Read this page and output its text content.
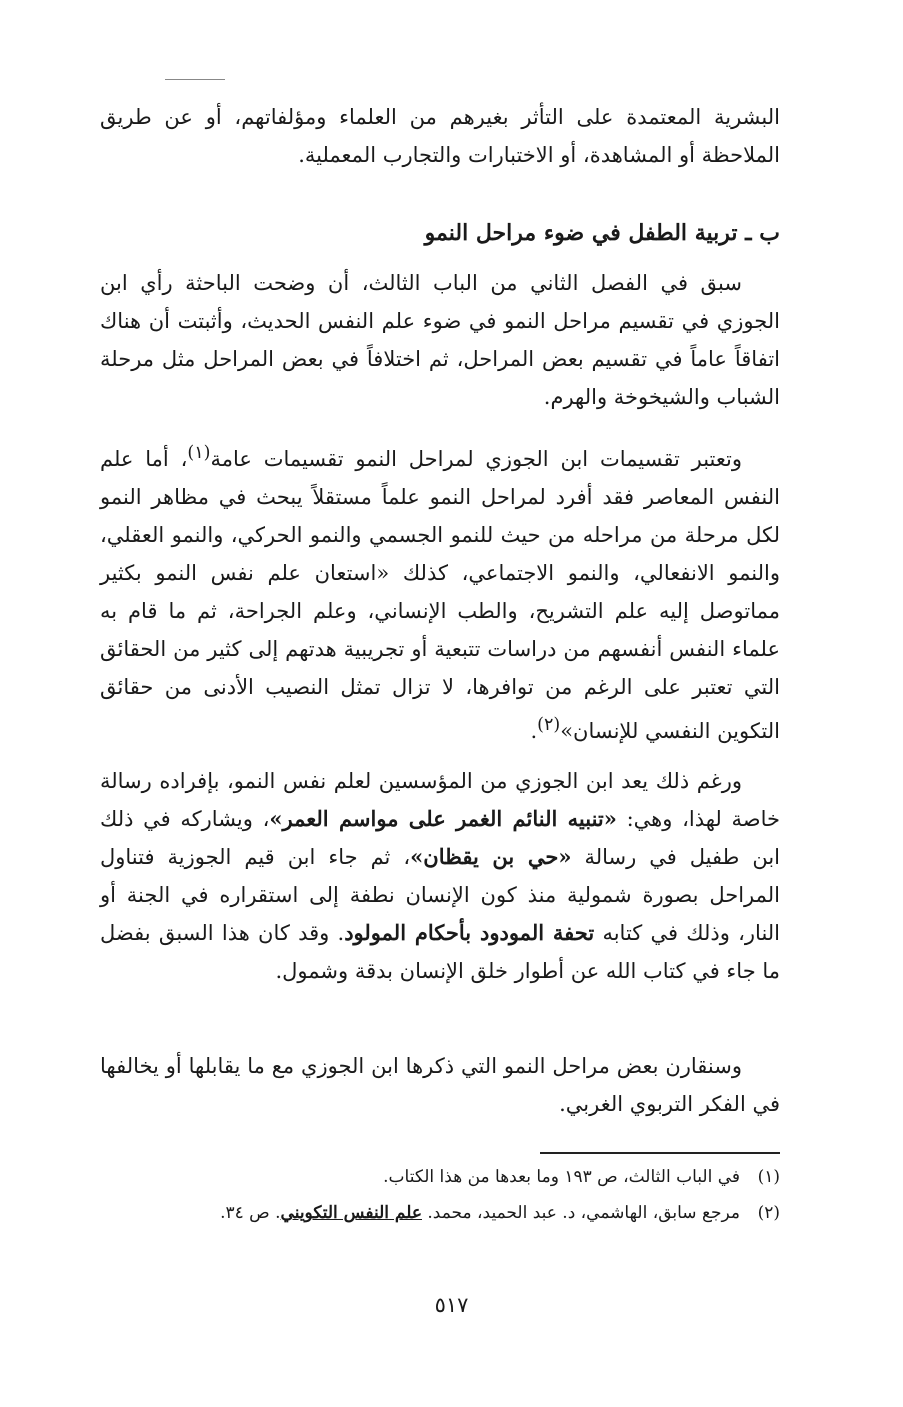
البشرية المعتمدة على التأثر بغيرهم من العلماء ومؤلفاتهم، أو عن طريق الملاحظة أو المشاهدة، أو الاختبارات والتجارب المعملية.

ب ـ تربية الطفل في ضوء مراحل النمو

سبق في الفصل الثاني من الباب الثالث، أن وضحت الباحثة رأي ابن الجوزي في تقسيم مراحل النمو في ضوء علم النفس الحديث، وأثبتت أن هناك اتفاقاً عاماً في تقسيم بعض المراحل، ثم اختلافاً في بعض المراحل مثل مرحلة الشباب والشيخوخة والهرم.

وتعتبر تقسيمات ابن الجوزي لمراحل النمو تقسيمات عامة$^{(١)}$، أما علم النفس المعاصر فقد أفرد لمراحل النمو علماً مستقلاً يبحث في مظاهر النمو لكل مرحلة من مراحله من حيث للنمو الجسمي والنمو الحركي، والنمو العقلي، والنمو الانفعالي، والنمو الاجتماعي، كذلك «استعان علم نفس النمو بكثير مماتوصل إليه علم التشريح، والطب الإنساني، وعلم الجراحة، ثم ما قام به علماء النفس أنفسهم من دراسات تتبعية أو تجريبية هدتهم إلى كثير من الحقائق التي تعتبر على الرغم من توافرها، لا تزال تمثل النصيب الأدنى من حقائق التكوين النفسي للإنسان»$^{(٢)}$.

ورغم ذلك يعد ابن الجوزي من المؤسسين لعلم نفس النمو، بإفراده رسالة خاصة لهذا، وهي: «تنبيه النائم الغمر على مواسم العمر»، ويشاركه في ذلك ابن طفيل في رسالة «حي بن يقظان»، ثم جاء ابن قيم الجوزية فتناول المراحل بصورة شمولية منذ كون الإنسان نطفة إلى استقراره في الجنة أو النار، وذلك في كتابه تحفة المودود بأحكام المولود. وقد كان هذا السبق بفضل ما جاء في كتاب الله عن أطوار خلق الإنسان بدقة وشمول.

وسنقارن بعض مراحل النمو التي ذكرها ابن الجوزي مع ما يقابلها أو يخالفها في الفكر التربوي الغربي.

(١)
في الباب الثالث، ص ١٩٣ وما بعدها من هذا الكتاب.
(٢)
مرجع سابق، الهاشمي، د. عبد الحميد، محمد. علم النفس التكويني. ص ٣٤.
٥١٧
